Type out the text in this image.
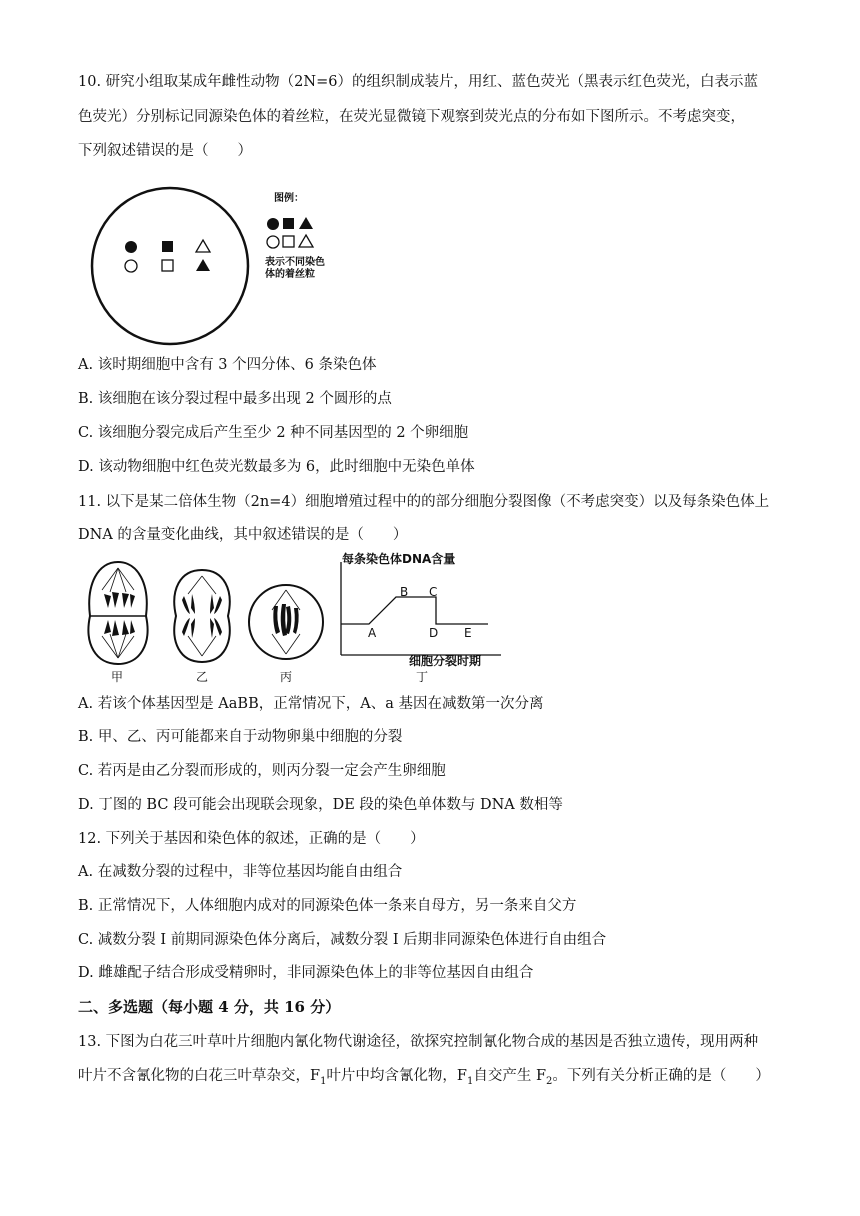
10. 研究小组取某成年雌性动物（2N=6）的组织制成装片，用红、蓝色荧光（黑表示红色荧光，白表示蓝
色荧光）分别标记同源染色体的着丝粒，在荧光显微镜下观察到荧光点的分布如下图所示。不考虑突变，
下列叙述错误的是（　　）
图例：
表示不同染色
体的着丝粒
A. 该时期细胞中含有 3 个四分体、6 条染色体
B. 该细胞在该分裂过程中最多出现 2 个圆形的点
C. 该细胞分裂完成后产生至少 2 种不同基因型的 2 个卵细胞
D. 该动物细胞中红色荧光数最多为 6，此时细胞中无染色单体
11. 以下是某二倍体生物（2n=4）细胞增殖过程中的的部分细胞分裂图像（不考虑突变）以及每条染色体上
DNA 的含量变化曲线，其中叙述错误的是（　　）
每条染色体DNA含量
细胞分裂时期
A
B C
D E
甲	乙	丙	丁
A. 若该个体基因型是 AaBB，正常情况下，A、a 基因在减数第一次分离
B. 甲、乙、丙可能都来自于动物卵巢中细胞的分裂
C. 若丙是由乙分裂而形成的，则丙分裂一定会产生卵细胞
D. 丁图的 BC 段可能会出现联会现象，DE 段的染色单体数与 DNA 数相等
12. 下列关于基因和染色体的叙述，正确的是（　　）
A. 在减数分裂的过程中，非等位基因均能自由组合
B. 正常情况下，人体细胞内成对的同源染色体一条来自母方，另一条来自父方
C. 减数分裂 I 前期同源染色体分离后，减数分裂 I 后期非同源染色体进行自由组合
D. 雌雄配子结合形成受精卵时，非同源染色体上的非等位基因自由组合
二、多选题（每小题 4 分，共 16 分）
13. 下图为白花三叶草叶片细胞内氰化物代谢途径，欲探究控制氰化物合成的基因是否独立遗传，现用两种
叶片不含氰化物的白花三叶草杂交，$F_1$叶片中均含氰化物，$F_1$自交产生 $F_2$。下列有关分析正确的是（　　）
